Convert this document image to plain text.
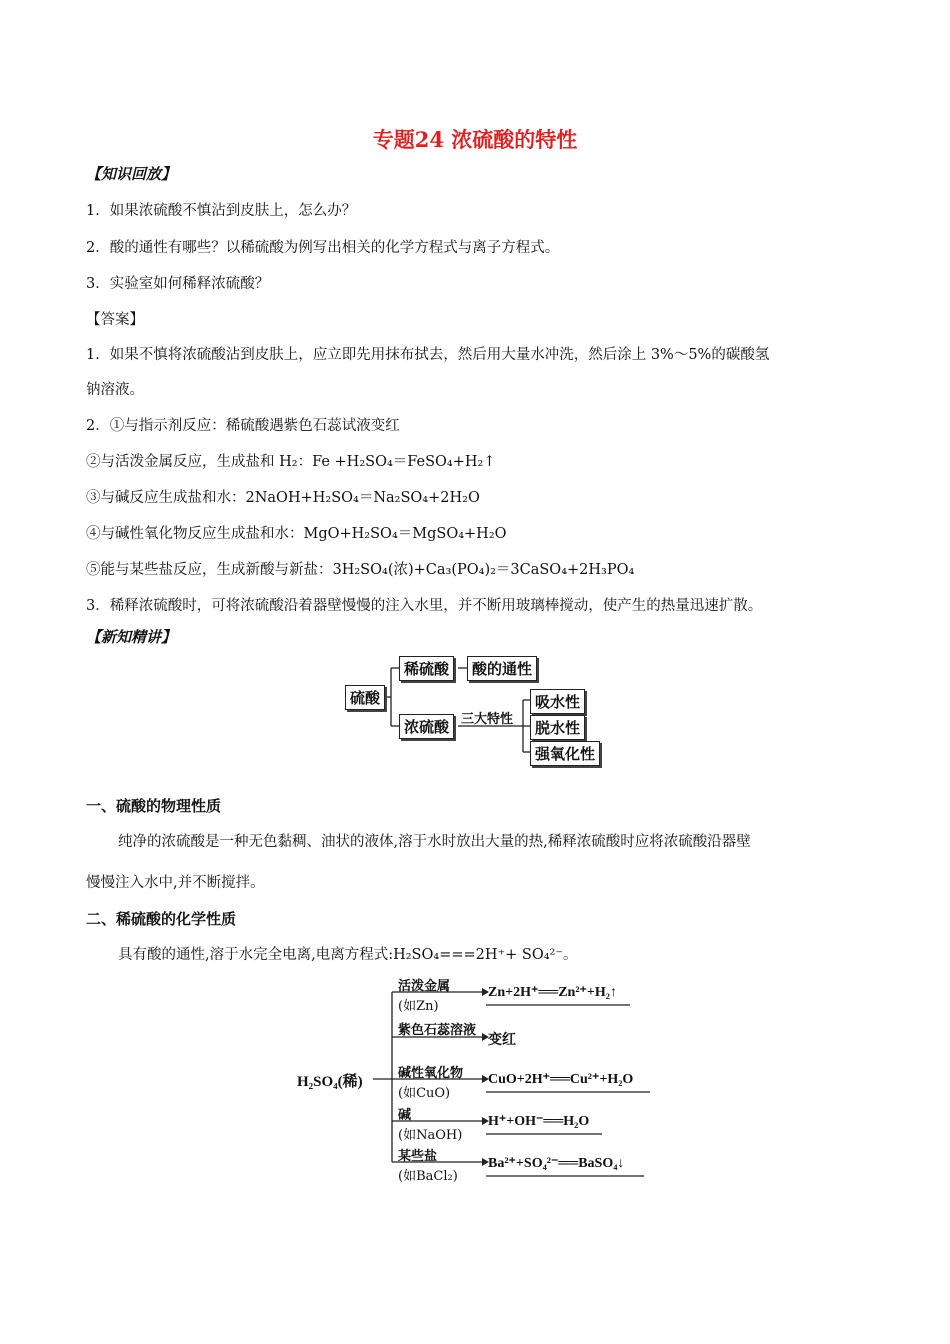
专题24 浓硫酸的特性
【知识回放】
1．如果浓硫酸不慎沾到皮肤上，怎么办？
2．酸的通性有哪些？以稀硫酸为例写出相关的化学方程式与离子方程式。
3．实验室如何稀释浓硫酸？
【答案】
1．如果不慎将浓硫酸沾到皮肤上，应立即先用抹布拭去，然后用大量水冲洗，然后涂上 3%～5%的碳酸氢
钠溶液。
2．①与指示剂反应：稀硫酸遇紫色石蕊试液变红
②与活泼金属反应，生成盐和 H₂：Fe +H₂SO₄＝FeSO₄+H₂↑
③与碱反应生成盐和水：2NaOH+H₂SO₄＝Na₂SO₄+2H₂O
④与碱性氧化物反应生成盐和水：MgO+H₂SO₄＝MgSO₄+H₂O
⑤能与某些盐反应，生成新酸与新盐：3H₂SO₄(浓)+Ca₃(PO₄)₂＝3CaSO₄+2H₃PO₄
3．稀释浓硫酸时，可将浓硫酸沿着器壁慢慢的注入水里，并不断用玻璃棒搅动，使产生的热量迅速扩散。
【新知精讲】
硫酸
稀硫酸	酸的通性
浓硫酸 三大特性
吸水性
脱水性
强氧化性
一、硫酸的物理性质
纯净的浓硫酸是一种无色黏稠、油状的液体,溶于水时放出大量的热,稀释浓硫酸时应将浓硫酸沿器壁
慢慢注入水中,并不断搅拌。
二、稀硫酸的化学性质
具有酸的通性,溶于水完全电离,电离方程式:H₂SO₄===2H⁺+ SO₄²⁻。
H₂SO₄(稀)
活泼金属
(如Zn)
Zn+2H⁺══Zn²⁺+H₂↑
紫色石蕊溶液
变红
碱性氧化物
(如CuO)
CuO+2H⁺══Cu²⁺+H₂O
碱
(如NaOH)
H⁺+OH⁻══H₂O
某些盐
(如BaCl₂)
Ba²⁺+SO₄²⁻══BaSO₄↓
